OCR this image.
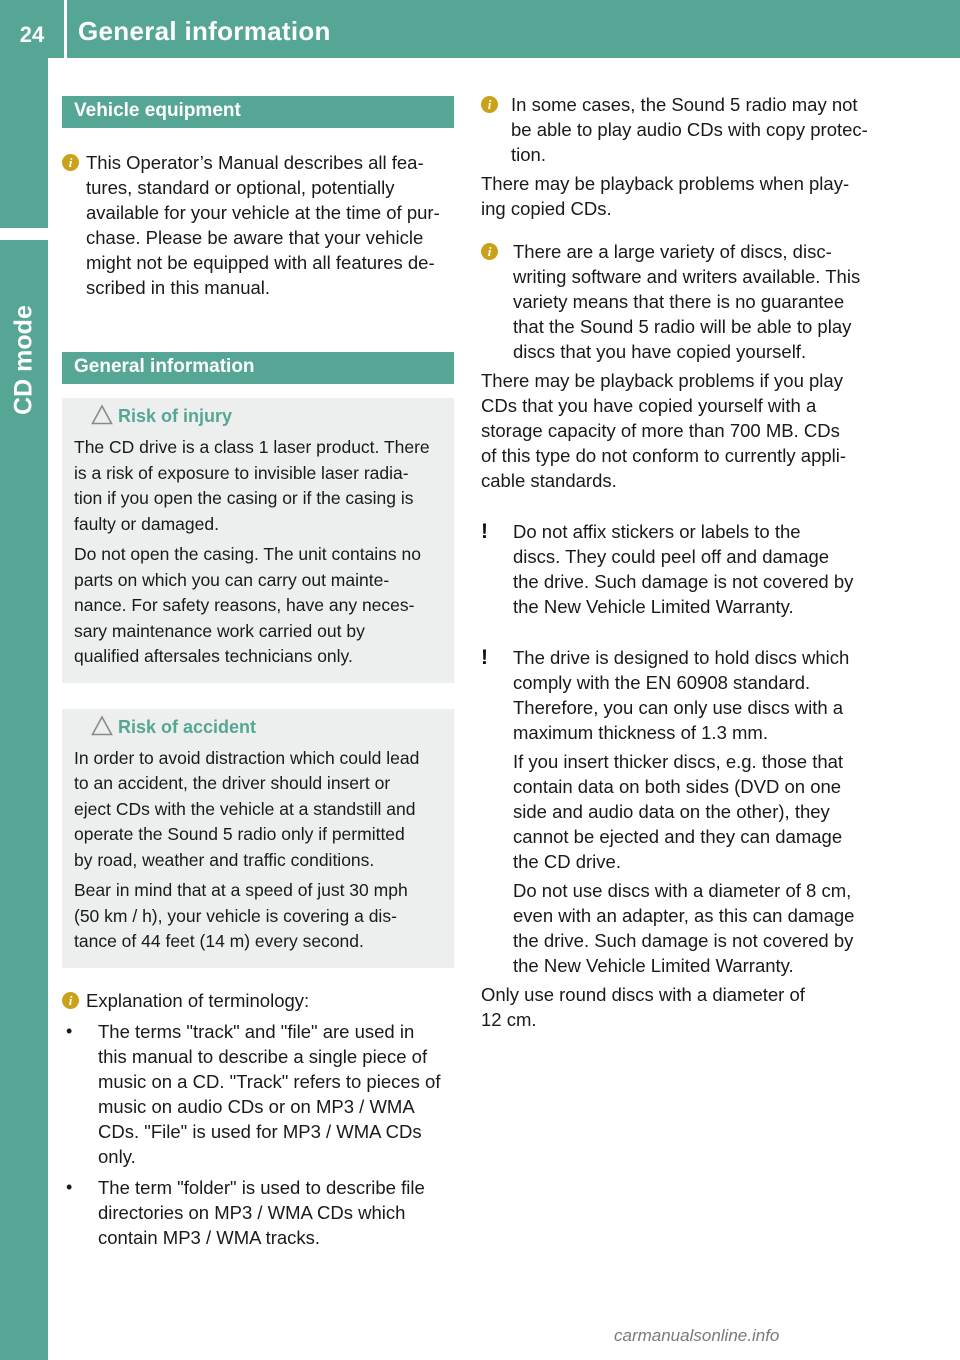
24	General information
CD mode
Vehicle equipment
i This Operator’s Manual describes all fea-
tures, standard or optional, potentially
available for your vehicle at the time of pur-
chase. Please be aware that your vehicle
might not be equipped with all features de-
scribed in this manual.
General information
Risk of injury

The CD drive is a class 1 laser product. There
is a risk of exposure to invisible laser radia-
tion if you open the casing or if the casing is
faulty or damaged.

Do not open the casing. The unit contains no
parts on which you can carry out mainte-
nance. For safety reasons, have any neces-
sary maintenance work carried out by
qualified aftersales technicians only.

Risk of accident

In order to avoid distraction which could lead
to an accident, the driver should insert or
eject CDs with the vehicle at a standstill and
operate the Sound 5 radio only if permitted
by road, weather and traffic conditions.

Bear in mind that at a speed of just 30 mph
(50 km / h), your vehicle is covering a dis-
tance of 44 feet (14 m) every second.

i Explanation of terminology:
• The terms "track" and "file" are used in
this manual to describe a single piece of
music on a CD. "Track" refers to pieces of
music on audio CDs or on MP3 / WMA
CDs. "File" is used for MP3 / WMA CDs
only.
• The term "folder" is used to describe file
directories on MP3 / WMA CDs which
contain MP3 / WMA tracks.
i	In some cases, the Sound 5 radio may not
be able to play audio CDs with copy protec-
tion.

There may be playback problems when play-
ing copied CDs.

i	There are a large variety of discs, disc-
writing software and writers available. This
variety means that there is no guarantee
that the Sound 5 radio will be able to play
discs that you have copied yourself.

There may be playback problems if you play
CDs that you have copied yourself with a
storage capacity of more than 700 MB. CDs
of this type do not conform to currently appli-
cable standards.

!	Do not affix stickers or labels to the
discs. They could peel off and damage
the drive. Such damage is not covered by
the New Vehicle Limited Warranty.
!	The drive is designed to hold discs which
comply with the EN 60908 standard.
Therefore, you can only use discs with a
maximum thickness of 1.3 mm.

If you insert thicker discs, e.g. those that
contain data on both sides (DVD on one
side and audio data on the other), they
cannot be ejected and they can damage
the CD drive.

Do not use discs with a diameter of 8 cm,
even with an adapter, as this can damage
the drive. Such damage is not covered by
the New Vehicle Limited Warranty.

Only use round discs with a diameter of
12 cm.

carmanualsonline.info
